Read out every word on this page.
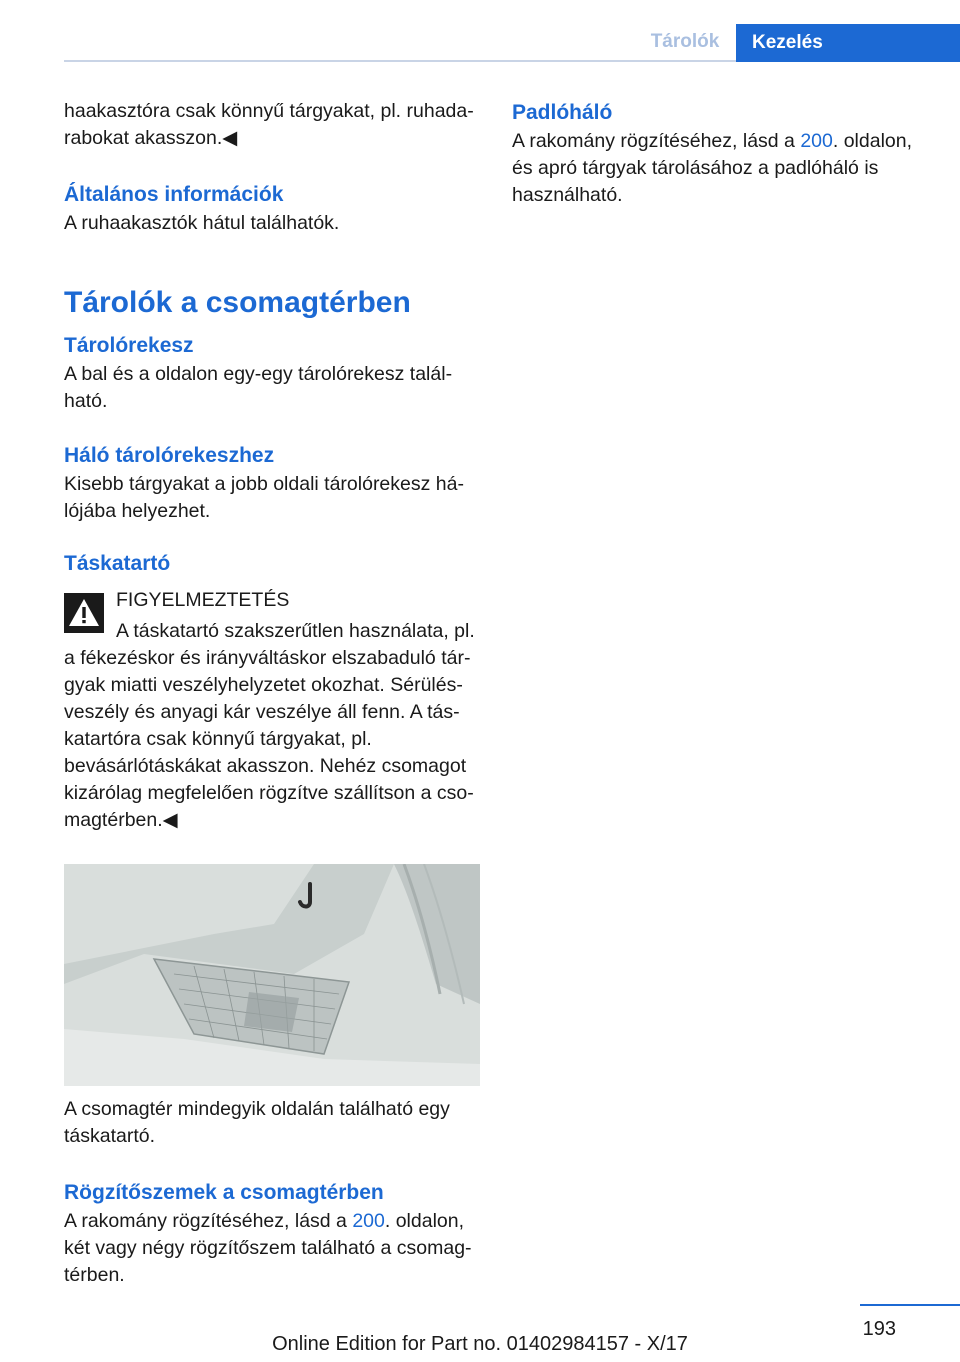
Tárolók	Kezelés

haakasztóra csak könnyű tárgyakat, pl. ruhadarabokat akasszon.◀

Általános információk

A ruhaakasztók hátul találhatók.

Tárolók a csomagtérben
Tárolórekesz

A bal és a oldalon egy-egy tárolórekesz található.

Háló tárolórekeszhez

Kisebb tárgyakat a jobb oldali tárolórekesz hálójába helyezhet.

Táskatartó

FIGYELMEZTETÉS

A táskatartó szakszerűtlen használata, pl.

a fékezéskor és irányváltáskor elszabaduló tárgyak miatti veszélyhelyzetet okozhat. Sérülésveszély és anyagi kár veszélye áll fenn. A táskatartóra csak könnyű tárgyakat, pl. bevásárlótáskákat akasszon. Nehéz csomagot kizárólag megfelelően rögzítve szállítson a csomagtérben.◀

A csomagtér mindegyik oldalán található egy táskatartó.

Rögzítőszemek a csomagtérben

A rakomány rögzítéséhez, lásd a 200. oldalon, két vagy négy rögzítőszem található a csomagtérben.

Padlóháló

A rakomány rögzítéséhez, lásd a 200. oldalon, és apró tárgyak tárolásához a padlóháló is használható.

193
Online Edition for Part no. 01402984157 - X/17
